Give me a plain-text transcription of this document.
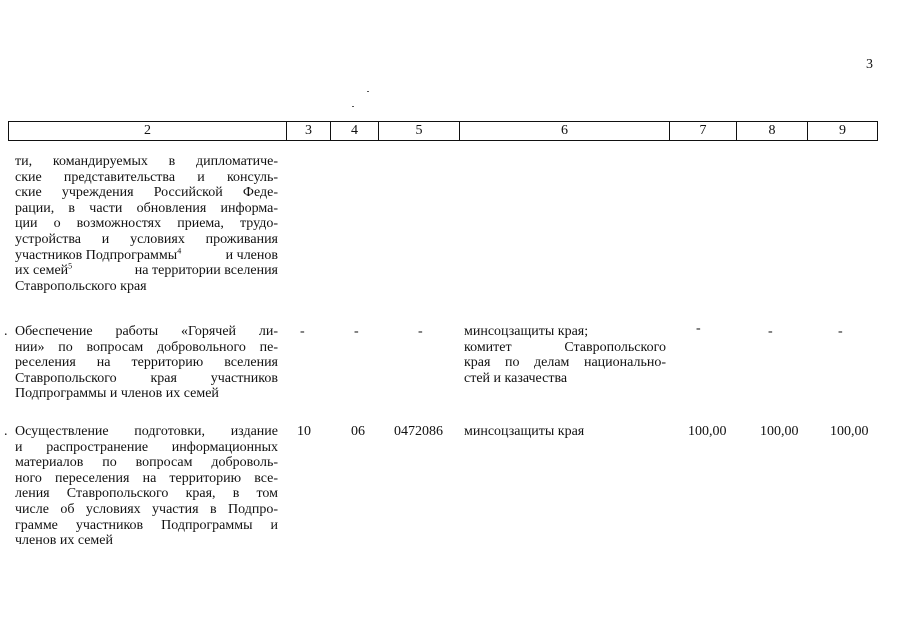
3
2	3	4	5	6	7	8	9
ти, командируемых в дипломатиче-
ские представительства и консуль-
ские учреждения Российской Феде-
рации, в части обновления информа-
ции о возможностях приема, трудо-
устройства и условиях проживания
участников Подпрограммы$^4$	и членов
их семей$^5$	на территории вселения
Ставропольского края
. Обеспечение работы «Горячей ли-
нии» по вопросам добровольного пе-
реселения на территорию вселения
Ставропольского края участников
Подпрограммы и членов их семей
-	-	-	минсоцзащиты края;
комитет Ставропольского
края по делам национально-
стей и казачества
-	-	-
. Осуществление подготовки, издание
и распространение информационных
материалов по вопросам доброволь-
ного переселения на территорию все-
ления Ставропольского края, в том
числе об условиях участия в Подпро-
грамме участников Подпрограммы и
членов их семей
10	06 0472086 минсоцзащиты края	100,00 100,00 100,00
